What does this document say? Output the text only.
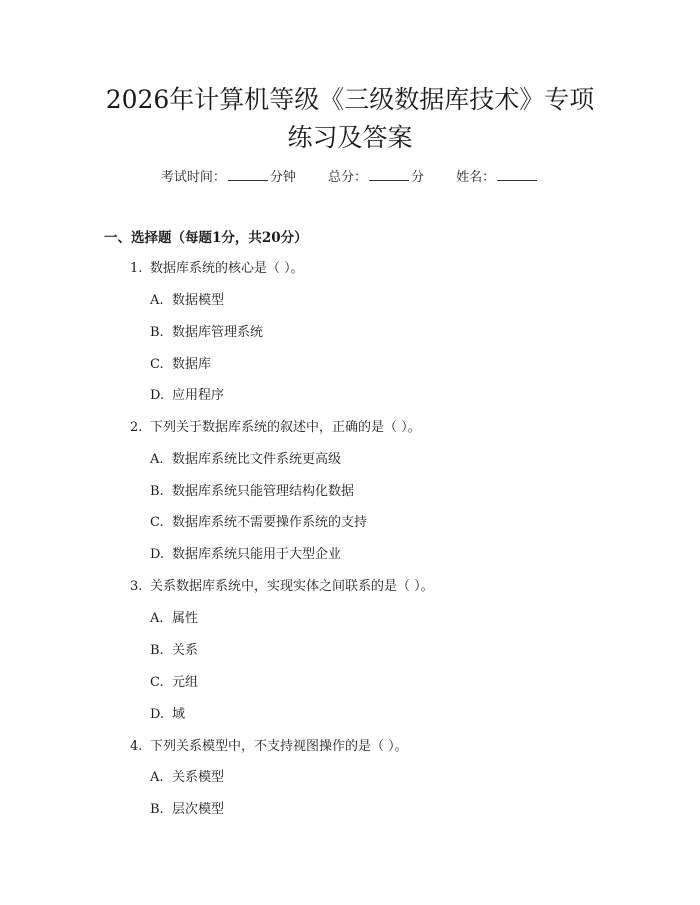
2026年计算机等级《三级数据库技术》专项
练习及答案
考试时间：	分钟 总分：	分 姓名：
一、选择题（每题1分，共20分）
1. 数据库系统的核心是（ ）。
A. 数据模型
B. 数据库管理系统
C. 数据库
D. 应用程序
2. 下列关于数据库系统的叙述中，正确的是（ ）。
A. 数据库系统比文件系统更高级
B. 数据库系统只能管理结构化数据
C. 数据库系统不需要操作系统的支持
D. 数据库系统只能用于大型企业
3. 关系数据库系统中，实现实体之间联系的是（ ）。
A. 属性
B. 关系
C. 元组
D. 域
4. 下列关系模型中，不支持视图操作的是（ ）。
A. 关系模型
B. 层次模型
